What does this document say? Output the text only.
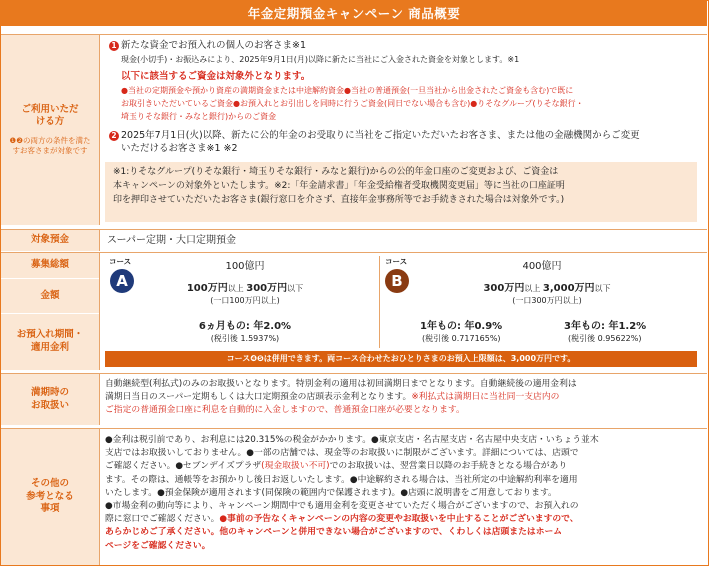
年金定期預金キャンペーン 商品概要
ご利用いただける方
❶❷の両方の条件を満たすお客さまが対象です
1 新たな資金でお預入れの個人のお客さま※1
現金(小切手)・お振込みにより、2025年9月1日(月)以降に新たに当社にご入金された資金を対象とします。※1
以下に該当するご資金は対象外となります。
●当社の定期預金や預かり資産の満期資金または中途解約資金●当社の普通預金(一旦当社から出金されたご資金も含む)で既に
お取引きいただいているご資金●お預入れとお引出しを同時に行うご資金(同日でない場合も含む)●りそなグループ(りそな銀行・
埼玉りそな銀行・みなと銀行)からのご資金
2 2025年7月1日(火)以降、新たに公的年金のお受取りに当社をご指定いただいたお客さま、または他の金融機関からご変更
いただけるお客さま※1 ※2
※1:りそなグループ(りそな銀行・埼玉りそな銀行・みなと銀行)からの公的年金口座のご変更および、ご資金は
本キャンペーンの対象外といたします。※2:「年金請求書」「年金受給権者受取機関変更届」等に当社の口座証明
印を押印させていただいたお客さま(銀行窓口を介さず、直接年金事務所等でお手続きされた場合は対象外です。)
対象預金	スーパー定期・大口定期預金
募集総額
金額
お預入れ期間・
適用金利
コース
A
100億円
100万円以上 300万円以下
(一口100万円以上)
6ヵ月もの: 年2.0%
(税引後 1.5937%)
コース
B
400億円
300万円以上 3,000万円以下
(一口300万円以上)
1年もの: 年0.9%
(税引後 0.717165%)
3年もの: 年1.2%
(税引後 0.95622%)
コース❹❺は併用できます。両コース合わせたおひとりさまのお預入上限額は、3,000万円です。
満期時の
お取扱い
自動継続型(利払式)のみのお取扱いとなります。特別金利の適用は初回満期日までとなります。自動継続後の適用金利は
満期日当日のスーパー定期もしくは大口定期預金の店頭表示金利となります。※利払式は満期日に当社同一支店内の
ご指定の普通預金口座に利息を自動的に入金しますので、普通預金口座が必要となります。
その他の
参考となる
事項
●金利は税引前であり、お利息には20.315%の税金がかかります。●東京支店・名古屋支店・名古屋中央支店・いちょう並木
支店ではお取扱いしておりません。●一部の店舗では、現金等のお取扱いに制限がございます。詳細については、店頭で
ご確認ください。●セブンデイズプラザ(現金取扱い不可)でのお取扱いは、翌営業日以降のお手続きとなる場合があり
ます。その際は、通帳等をお預かりし後日お返しいたします。●中途解約される場合は、当社所定の中途解約利率を適用
いたします。●預金保険が適用されます(同保険の範囲内で保護されます)。●店頭に説明書をご用意しております。
●市場金利の動向等により、キャンペーン期間中でも適用金利を変更させていただく場合がございますので、お預入れの
際に窓口でご確認ください。●事前の予告なくキャンペーンの内容の変更やお取扱いを中止することがございますので、
あらかじめご了承ください。他のキャンペーンと併用できない場合がございますので、くわしくは店頭またはホーム
ページをご確認ください。
